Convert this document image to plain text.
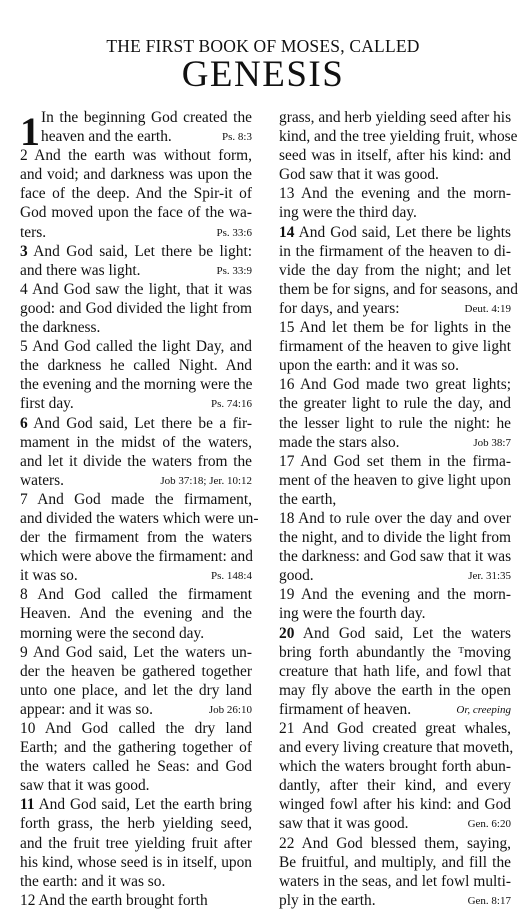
THE FIRST BOOK OF MOSES, CALLED
GENESIS
1 In the beginning God created the
heaven and the earth.	Ps. 8:3
2 And the earth was without form,
and void; and darkness was upon the
face of the deep. And the Spir-it of
God moved upon the face of the wa-
ters.	Ps. 33:6
3 And God said, Let there be light:
and there was light.	Ps. 33:9
4 And God saw the light, that it was
good: and God divided the light from
the darkness.
5 And God called the light Day, and
the darkness he called Night. And
the evening and the morning were the
first day.	Ps. 74:16
6 And God said, Let there be a fir-
mament in the midst of the waters,
and let it divide the waters from the
waters.	Job 37:18; Jer. 10:12
7 And God made the firmament,
and divided the waters which were un-
der the firmament from the waters
which were above the firmament: and
it was so.	Ps. 148:4
8 And God called the firmament
Heaven. And the evening and the
morning were the second day.
9 And God said, Let the waters un-
der the heaven be gathered together
unto one place, and let the dry land
appear: and it was so.	Job 26:10
10 And God called the dry land
Earth; and the gathering together of
the waters called he Seas: and God
saw that it was good.
11 And God said, Let the earth bring
forth grass, the herb yielding seed,
and the fruit tree yielding fruit after
his kind, whose seed is in itself, upon
the earth: and it was so.
12 And the earth brought forth
grass, and herb yielding seed after his
kind, and the tree yielding fruit, whose
seed was in itself, after his kind: and
God saw that it was good.
13 And the evening and the morn-
ing were the third day.
14 And God said, Let there be lights
in the firmament of the heaven to di-
vide the day from the night; and let
them be for signs, and for seasons, and
for days, and years:	Deut. 4:19
15 And let them be for lights in the
firmament of the heaven to give light
upon the earth: and it was so.
16 And God made two great lights;
the greater light to rule the day, and
the lesser light to rule the night: he
made the stars also.	Job 38:7
17 And God set them in the firma-
ment of the heaven to give light upon
the earth,
18 And to rule over the day and over
the night, and to divide the light from
the darkness: and God saw that it was
good.	Jer. 31:35
19 And the evening and the morn-
ing were the fourth day.
20 And God said, Let the waters
bring forth abundantly the ᵀmoving
creature that hath life, and fowl that
may fly above the earth in the open
firmament of heaven.	Or, creeping
21 And God created great whales,
and every living creature that moveth,
which the waters brought forth abun-
dantly, after their kind, and every
winged fowl after his kind: and God
saw that it was good.	Gen. 6:20
22 And God blessed them, saying,
Be fruitful, and multiply, and fill the
waters in the seas, and let fowl multi-
ply in the earth.	Gen. 8:17
